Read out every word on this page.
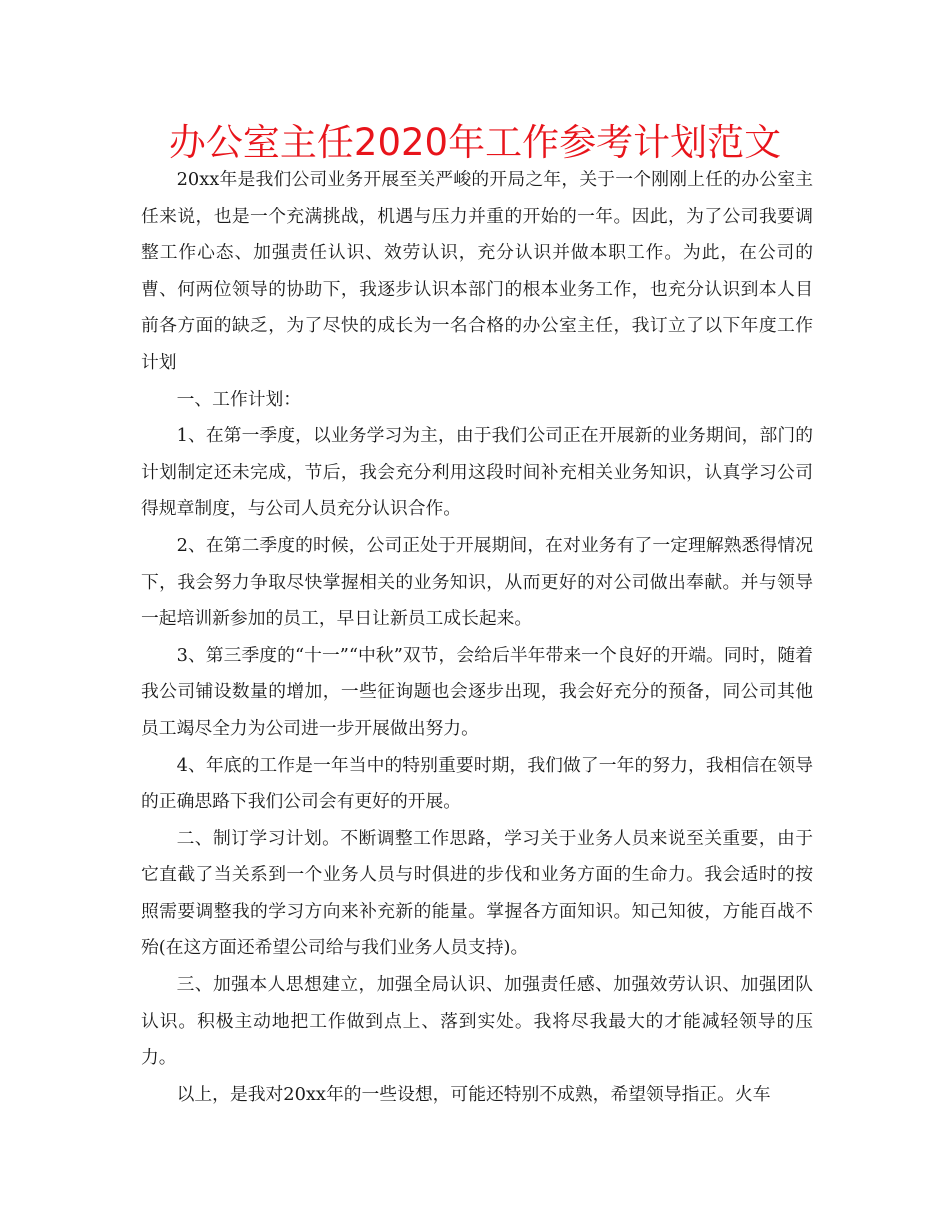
办公室主任2020年工作参考计划范文

20xx年是我们公司业务开展至关严峻的开局之年，关于一个刚刚上任的办公室主任来说，也是一个充满挑战，机遇与压力并重的开始的一年。因此，为了公司我要调整工作心态、加强责任认识、效劳认识，充分认识并做本职工作。为此，在公司的曹、何两位领导的协助下，我逐步认识本部门的根本业务工作，也充分认识到本人目前各方面的缺乏，为了尽快的成长为一名合格的办公室主任，我订立了以下年度工作计划

一、工作计划：

1、在第一季度，以业务学习为主，由于我们公司正在开展新的业务期间，部门的计划制定还未完成，节后，我会充分利用这段时间补充相关业务知识，认真学习公司得规章制度，与公司人员充分认识合作。

2、在第二季度的时候，公司正处于开展期间，在对业务有了一定理解熟悉得情况下，我会努力争取尽快掌握相关的业务知识，从而更好的对公司做出奉献。并与领导一起培训新参加的员工，早日让新员工成长起来。

3、第三季度的“十一”“中秋”双节，会给后半年带来一个良好的开端。同时，随着我公司铺设数量的增加，一些征询题也会逐步出现，我会好充分的预备，同公司其他员工竭尽全力为公司进一步开展做出努力。

4、年底的工作是一年当中的特别重要时期，我们做了一年的努力，我相信在领导的正确思路下我们公司会有更好的开展。

二、制订学习计划。不断调整工作思路，学习关于业务人员来说至关重要，由于它直截了当关系到一个业务人员与时俱进的步伐和业务方面的生命力。我会适时的按照需要调整我的学习方向来补充新的能量。掌握各方面知识。知己知彼，方能百战不殆(在这方面还希望公司给与我们业务人员支持)。

三、加强本人思想建立，加强全局认识、加强责任感、加强效劳认识、加强团队认识。积极主动地把工作做到点上、落到实处。我将尽我最大的才能减轻领导的压力。

以上，是我对20xx年的一些设想，可能还特别不成熟，希望领导指正。火车
